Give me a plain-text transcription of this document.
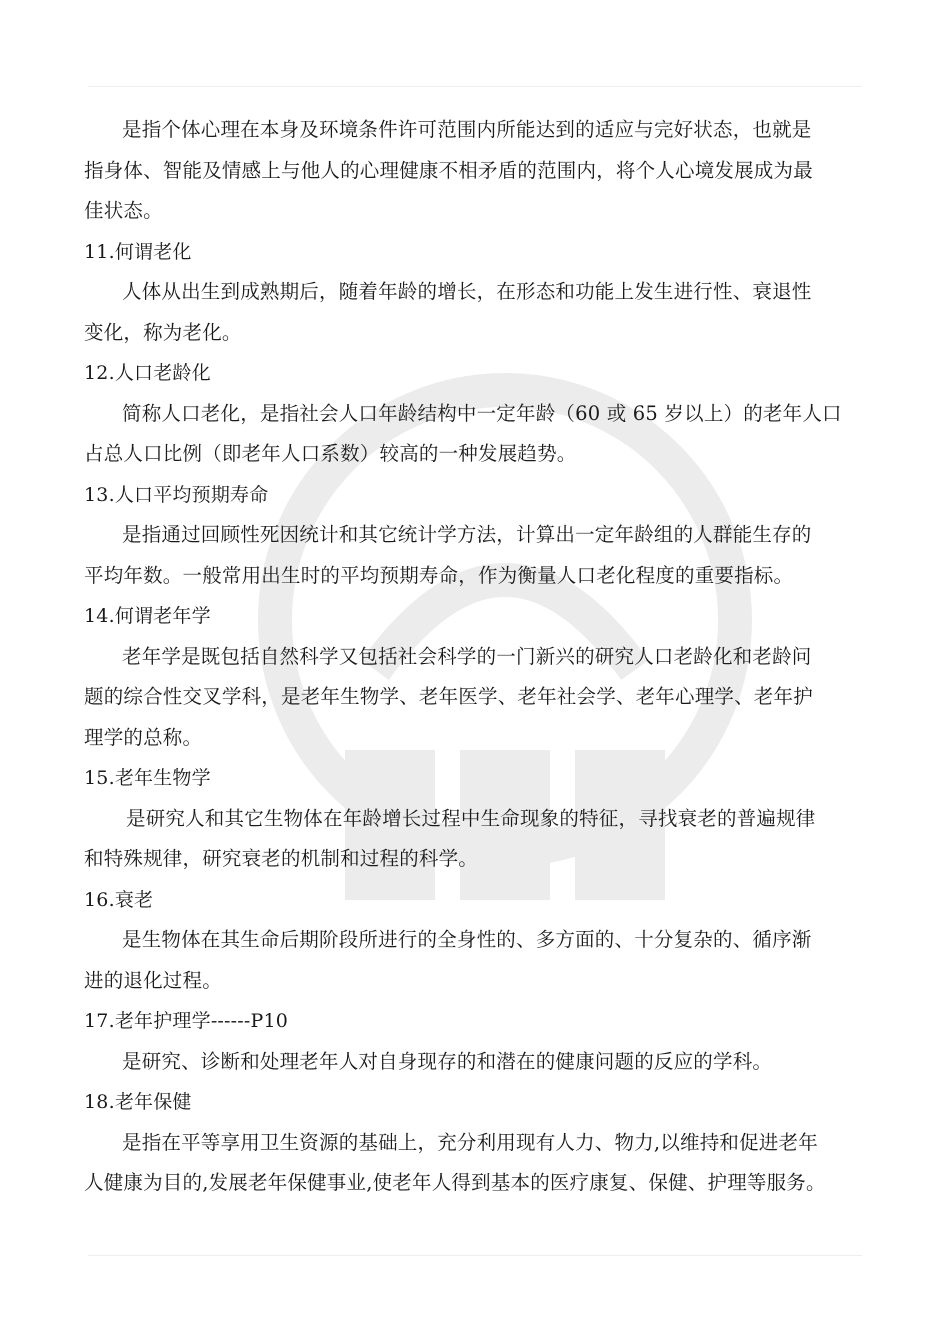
是指个体心理在本身及环境条件许可范围内所能达到的适应与完好状态，也就是
指身体、智能及情感上与他人的心理健康不相矛盾的范围内，将个人心境发展成为最
佳状态。
11.何谓老化
人体从出生到成熟期后，随着年龄的增长，在形态和功能上发生进行性、衰退性
变化，称为老化。
12.人口老龄化
简称人口老化，是指社会人口年龄结构中一定年龄（60 或 65 岁以上）的老年人口
占总人口比例（即老年人口系数）较高的一种发展趋势。
13.人口平均预期寿命
是指通过回顾性死因统计和其它统计学方法，计算出一定年龄组的人群能生存的
平均年数。一般常用出生时的平均预期寿命，作为衡量人口老化程度的重要指标。
14.何谓老年学
老年学是既包括自然科学又包括社会科学的一门新兴的研究人口老龄化和老龄问
题的综合性交叉学科，是老年生物学、老年医学、老年社会学、老年心理学、老年护
理学的总称。
15.老年生物学
是研究人和其它生物体在年龄增长过程中生命现象的特征，寻找衰老的普遍规律
和特殊规律，研究衰老的机制和过程的科学。
16.衰老
是生物体在其生命后期阶段所进行的全身性的、多方面的、十分复杂的、循序渐
进的退化过程。
17.老年护理学------P10
是研究、诊断和处理老年人对自身现存的和潜在的健康问题的反应的学科。
18.老年保健
是指在平等享用卫生资源的基础上，充分利用现有人力、物力,以维持和促进老年
人健康为目的,发展老年保健事业,使老年人得到基本的医疗康复、保健、护理等服务。
